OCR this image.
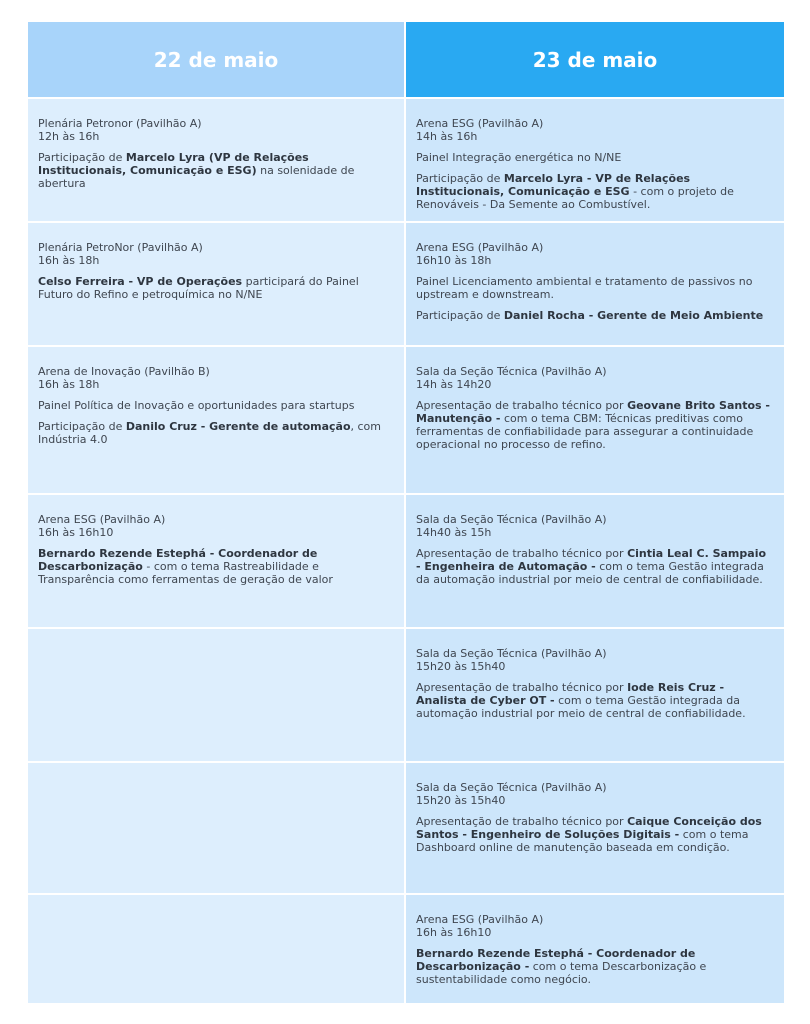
22 de maio	23 de maio

Plenária Petronor (Pavilhão A)

12h às 16h

Participação de Marcelo Lyra (VP de Relações Institucionais, Comunicação e ESG) na solenidade de abertura

Arena ESG (Pavilhão A)

14h às 16h

Painel Integração energética no N/NE

Participação de Marcelo Lyra - VP de Relações Institucionais, Comunicação e ESG - com o projeto de Renováveis - Da Semente ao Combustível.

Plenária PetroNor (Pavilhão A)

16h às 18h

Celso Ferreira - VP de Operações participará do Painel Futuro do Refino e petroquímica no N/NE

Arena ESG (Pavilhão A)

16h10 às 18h

Painel Licenciamento ambiental e tratamento de passivos no upstream e downstream.

Participação de Daniel Rocha - Gerente de Meio Ambiente

Arena de Inovação (Pavilhão B)

16h às 18h

Painel Política de Inovação e oportunidades para startups

Participação de Danilo Cruz - Gerente de automação, com Indústria 4.0

Sala da Seção Técnica (Pavilhão A)

14h às 14h20

Apresentação de trabalho técnico por Geovane Brito Santos - Manutenção - com o tema CBM: Técnicas preditivas como ferramentas de confiabilidade para assegurar a continuidade operacional no processo de refino.

Arena ESG (Pavilhão A)

16h às 16h10

Bernardo Rezende Estephá - Coordenador de Descarbonização - com o tema Rastreabilidade e Transparência como ferramentas de geração de valor

Sala da Seção Técnica (Pavilhão A)

14h40 às 15h

Apresentação de trabalho técnico por Cintia Leal C. Sampaio - Engenheira de Automação - com o tema Gestão integrada da automação industrial por meio de central de confiabilidade.

Sala da Seção Técnica (Pavilhão A)

15h20 às 15h40

Apresentação de trabalho técnico por Iode Reis Cruz - Analista de Cyber OT - com o tema Gestão integrada da automação industrial por meio de central de confiabilidade.

Sala da Seção Técnica (Pavilhão A)

15h20 às 15h40

Apresentação de trabalho técnico por Caique Conceição dos Santos - Engenheiro de Soluções Digitais - com o tema Dashboard online de manutenção baseada em condição.

Arena ESG (Pavilhão A)

16h às 16h10

Bernardo Rezende Estephá - Coordenador de Descarbonização - com o tema Descarbonização e sustentabilidade como negócio.
